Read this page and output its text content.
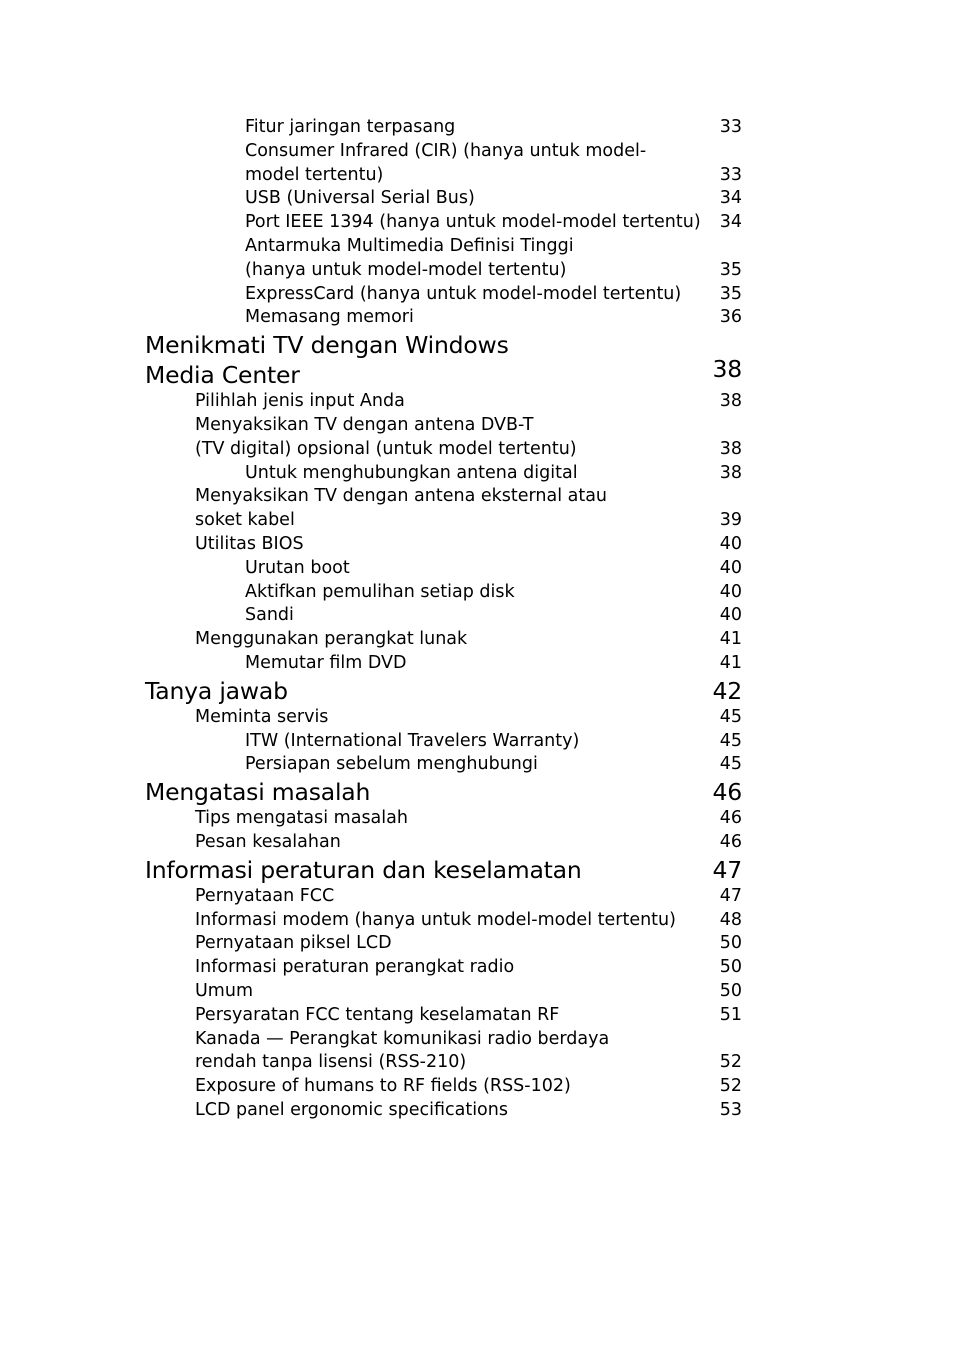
Fitur jaringan terpasang	33
Consumer Infrared (CIR) (hanya untuk model-
model tertentu)	33
USB (Universal Serial Bus)	34
Port IEEE 1394 (hanya untuk model-model tertentu) 34
Antarmuka Multimedia Definisi Tinggi
(hanya untuk model-model tertentu)	35
ExpressCard (hanya untuk model-model tertentu) 35
Memasang memori	36
Menikmati TV dengan Windows
Media Center	38
Pilihlah jenis input Anda	38
Menyaksikan TV dengan antena DVB-T
(TV digital) opsional (untuk model tertentu)	38
Untuk menghubungkan antena digital	38
Menyaksikan TV dengan antena eksternal atau
soket kabel	39
Utilitas BIOS	40
Urutan boot	40
Aktifkan pemulihan setiap disk	40
Sandi	40
Menggunakan perangkat lunak	41
Memutar film DVD	41
Tanya jawab	42
Meminta servis	45
ITW (International Travelers Warranty)	45
Persiapan sebelum menghubungi	45
Mengatasi masalah	46
Tips mengatasi masalah	46
Pesan kesalahan	46
Informasi peraturan dan keselamatan	47
Pernyataan FCC	47
Informasi modem (hanya untuk model-model tertentu)	48
Pernyataan piksel LCD	50
Informasi peraturan perangkat radio	50
Umum	50
Persyaratan FCC tentang keselamatan RF	51
Kanada — Perangkat komunikasi radio berdaya
rendah tanpa lisensi (RSS-210)	52
Exposure of humans to RF fields (RSS-102)	52
LCD panel ergonomic specifications	53
